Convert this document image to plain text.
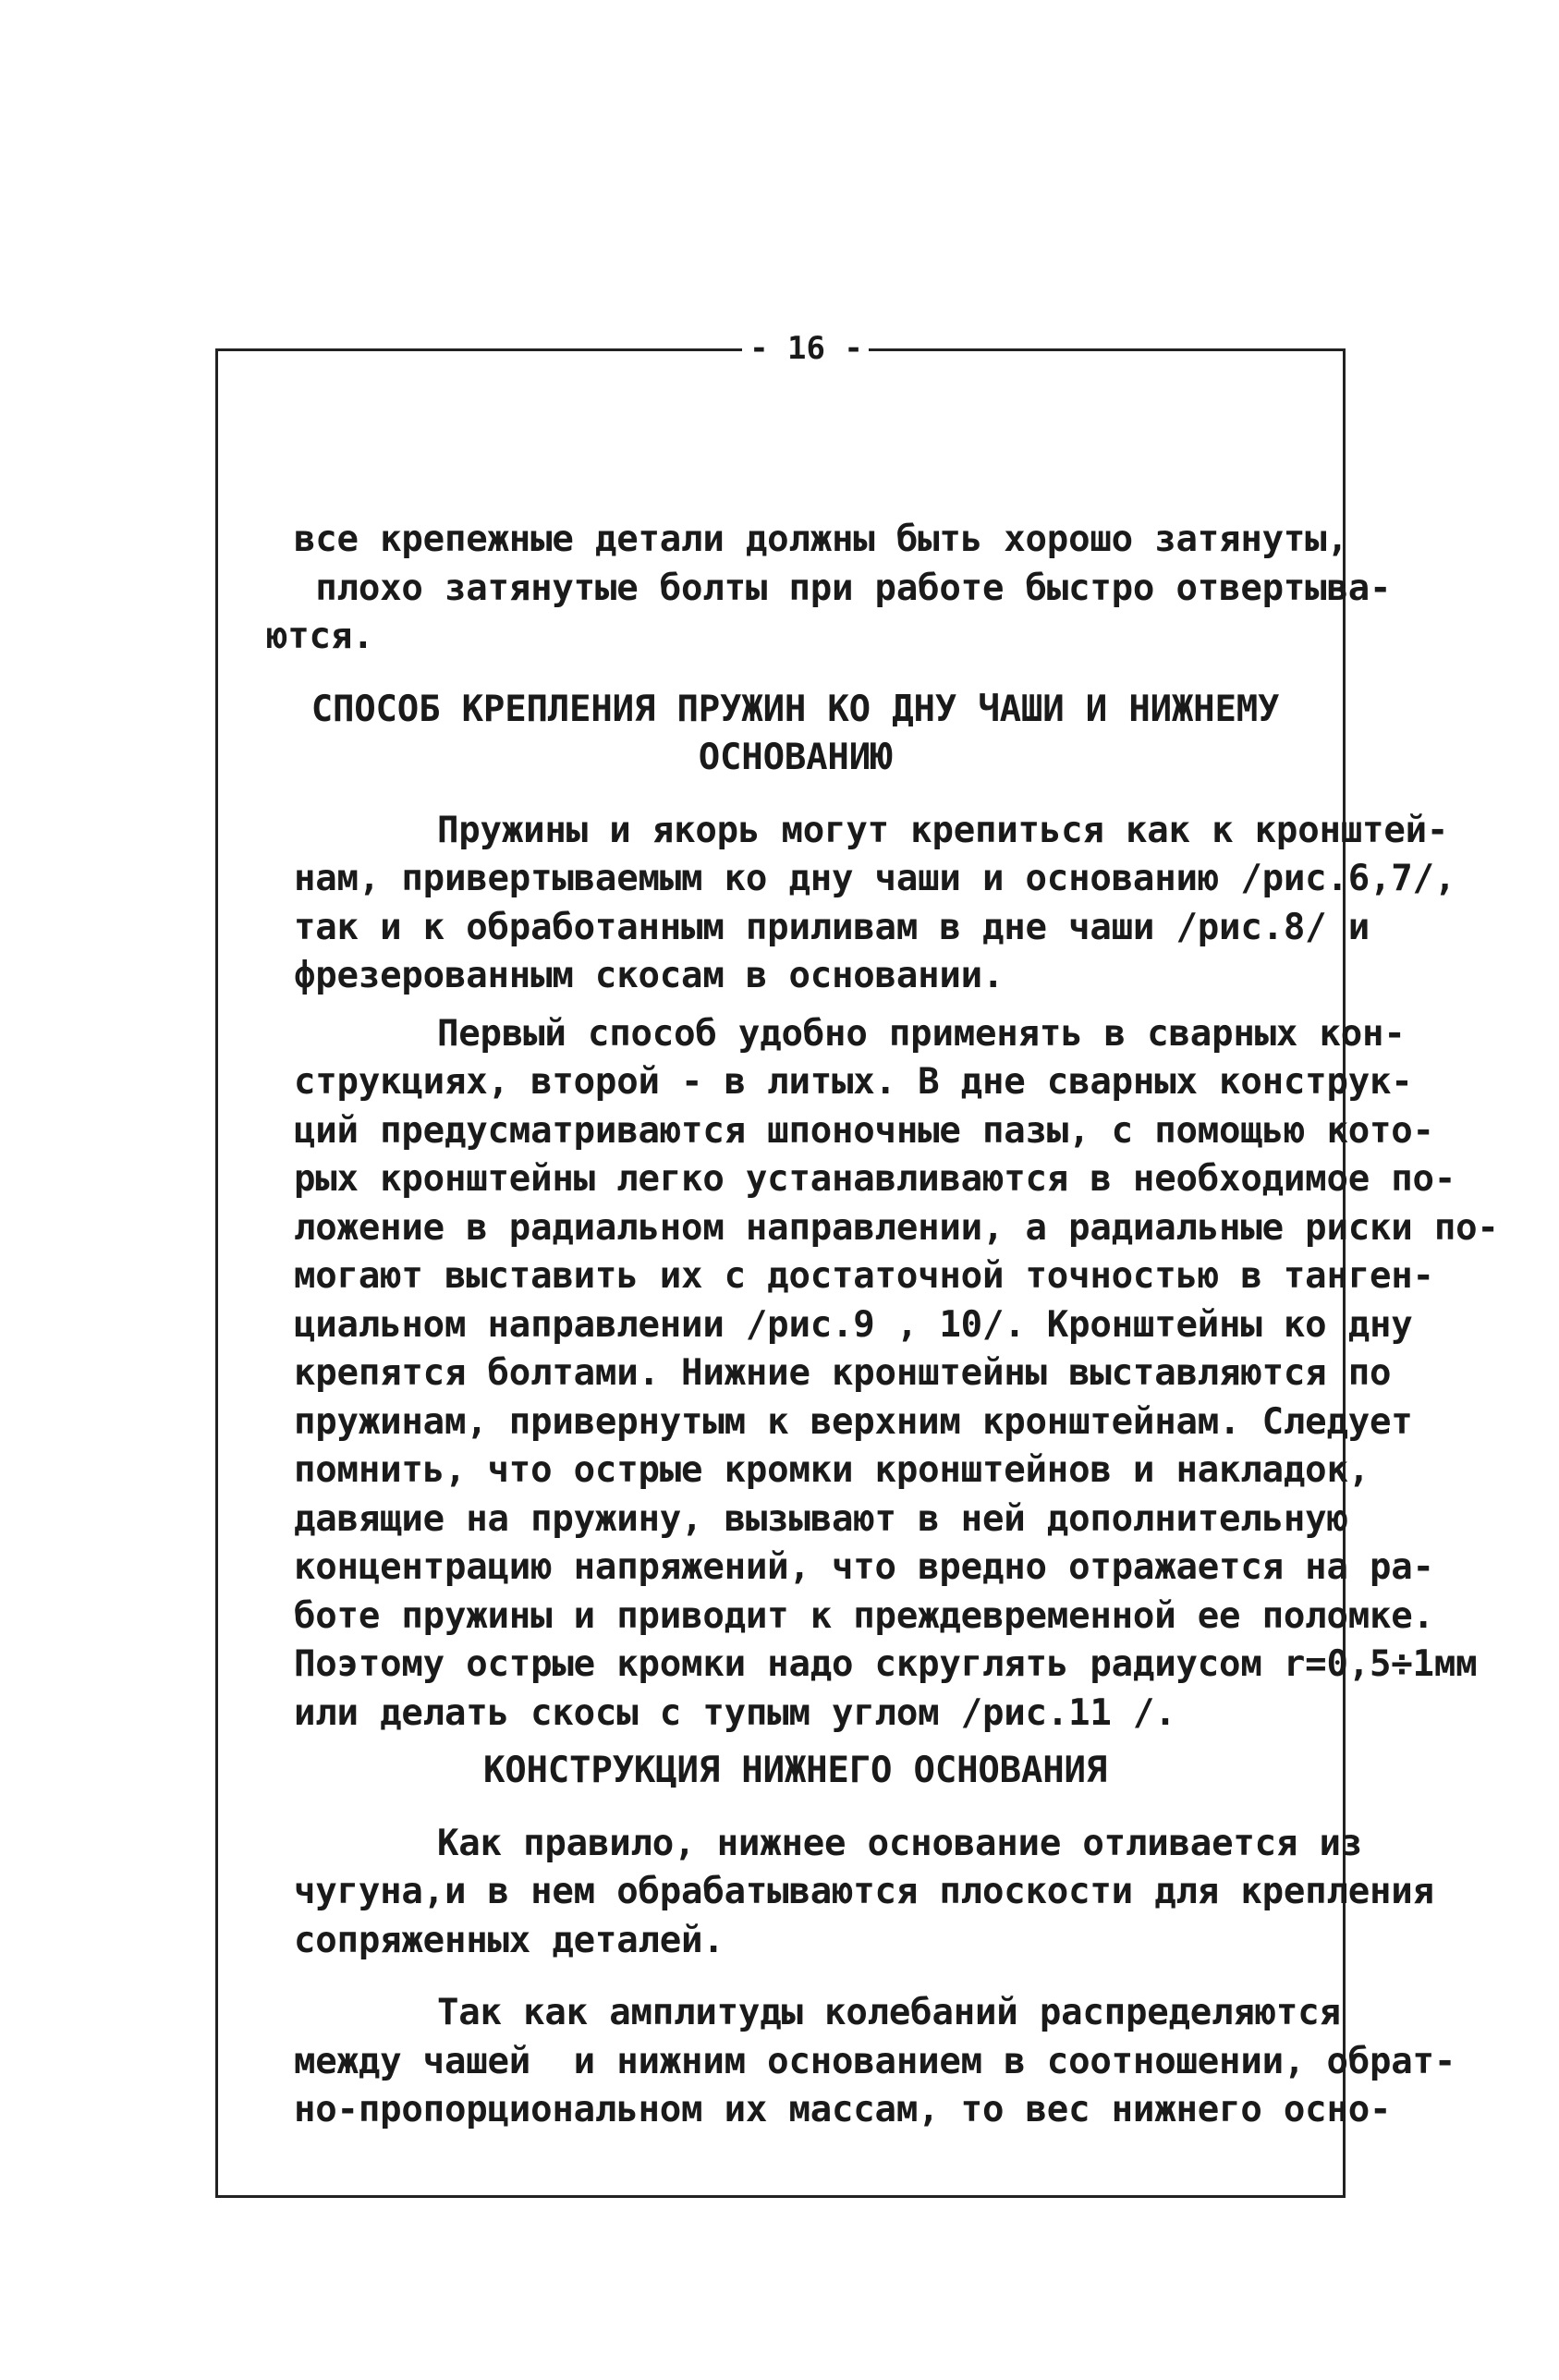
- 16 -
все крепежные детали должны быть хорошо затянуты,
плохо затянутые болты при работе быстро отвертыва-
ются.
СПОСОБ КРЕПЛЕНИЯ ПРУЖИН КО ДНУ ЧАШИ И НИЖНЕМУ
ОСНОВАНИЮ
Пружины и якорь могут крепиться как к кронштей-
нам, привертываемым ко дну чаши и основанию /рис.6,7/,
так и к обработанным приливам в дне чаши /рис.8/ и
фрезерованным скосам в основании.
Первый способ удобно применять в сварных кон-
струкциях, второй - в литых. В дне сварных конструк-
ций предусматриваются шпоночные пазы, с помощью кото-
рых кронштейны легко устанавливаются в необходимое по-
ложение в радиальном направлении, а радиальные риски по-
могают выставить их с достаточной точностью в танген-
циальном направлении /рис.9 , 10/. Кронштейны ко дну
крепятся болтами. Нижние кронштейны выставляются по
пружинам, привернутым к верхним кронштейнам. Следует
помнить, что острые кромки кронштейнов и накладок,
давящие на пружину, вызывают в ней дополнительную
концентрацию напряжений, что вредно отражается на ра-
боте пружины и приводит к преждевременной ее поломке.
Поэтому острые кромки надо скруглять радиусом r=0,5÷1мм
или делать скосы с тупым углом /рис.11 /.
КОНСТРУКЦИЯ НИЖНЕГО ОСНОВАНИЯ
Как правило, нижнее основание отливается из
чугуна,и в нем обрабатываются плоскости для крепления
сопряженных деталей.
Так как амплитуды колебаний распределяются
между чашей  и нижним основанием в соотношении, обрат-
но-пропорциональном их массам, то вес нижнего осно-
